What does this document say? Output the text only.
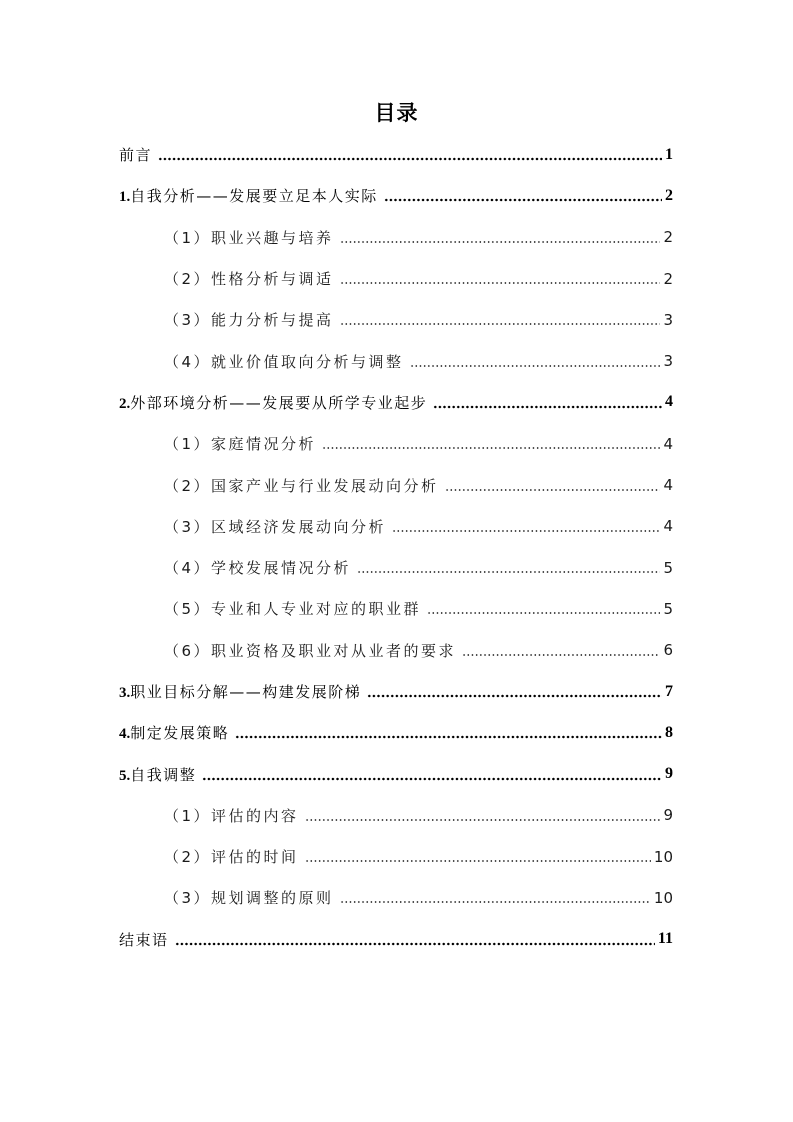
目录
前言	1
1.自我分析——发展要立足本人实际	2
（1）职业兴趣与培养	2
（2）性格分析与调适	2
（3）能力分析与提高	3
（4）就业价值取向分析与调整	3
2.外部环境分析——发展要从所学专业起步	4
（1）家庭情况分析	4
（2）国家产业与行业发展动向分析	4
（3）区域经济发展动向分析	4
（4）学校发展情况分析	5
（5）专业和人专业对应的职业群	5
（6）职业资格及职业对从业者的要求	6
3.职业目标分解——构建发展阶梯	7
4.制定发展策略	8
5.自我调整	9
（1）评估的内容	9
（2）评估的时间	10
（3）规划调整的原则	10
结束语	11
